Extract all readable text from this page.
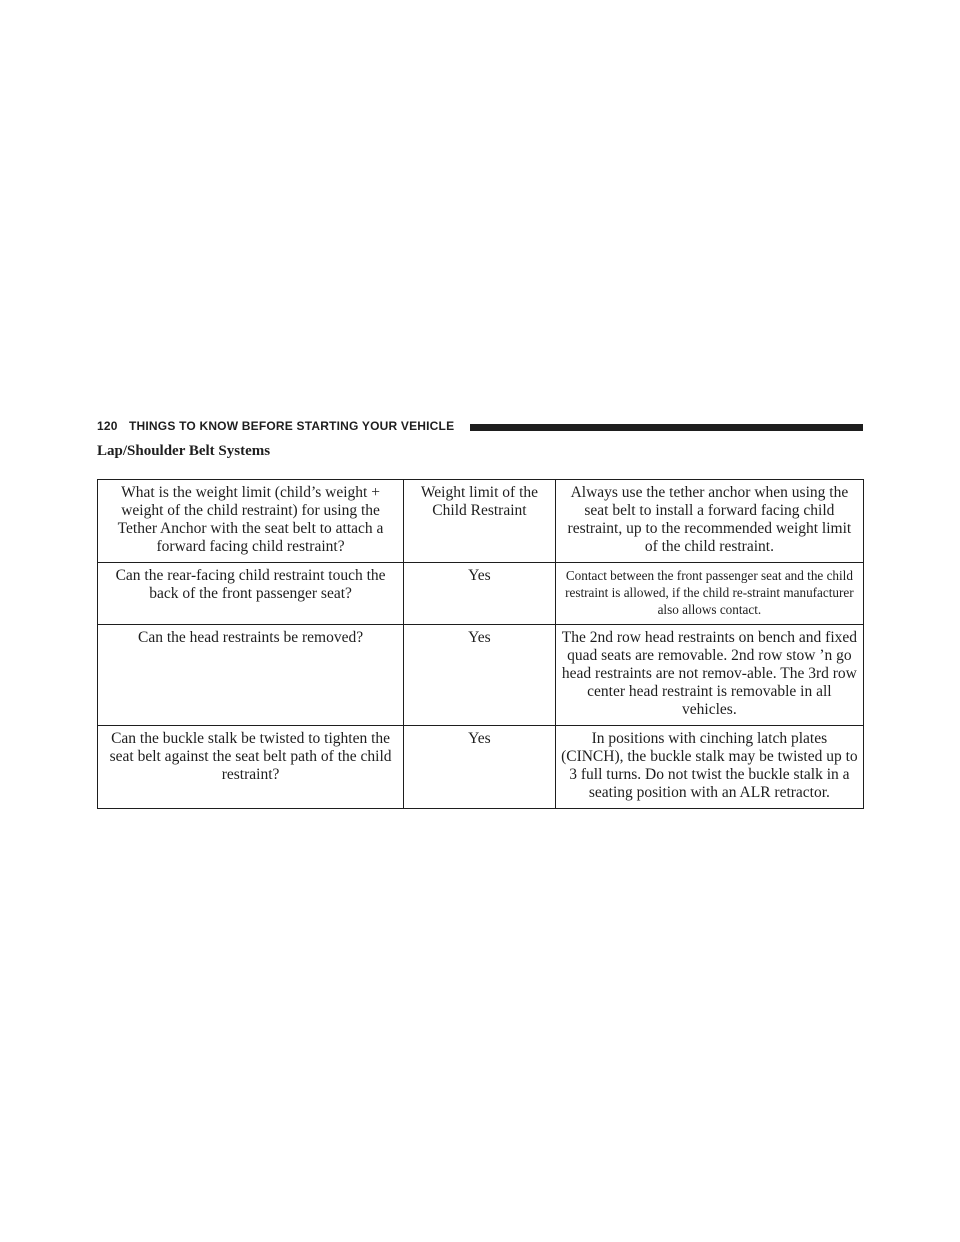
120 THINGS TO KNOW BEFORE STARTING YOUR VEHICLE
Lap/Shoulder Belt Systems
What is the weight limit (child’s weight + weight of the child restraint) for using the Tether Anchor with the seat belt to attach a forward facing child restraint?	Weight limit of the Child Restraint	Always use the tether anchor when using the seat belt to install a forward facing child restraint, up to the recommended weight limit of the child restraint.
Can the rear-facing child restraint touch the back of the front passenger seat?	Yes	Contact between the front passenger seat and the child restraint is allowed, if the child re-straint manufacturer also allows contact.
Can the head restraints be removed?	Yes	The 2nd row head restraints on bench and fixed quad seats are removable. 2nd row stow ’n go head restraints are not remov-able. The 3rd row center head restraint is removable in all vehicles.
Can the buckle stalk be twisted to tighten the seat belt against the seat belt path of the child restraint?	Yes	In positions with cinching latch plates (CINCH), the buckle stalk may be twisted up to 3 full turns. Do not twist the buckle stalk in a seating position with an ALR retractor.
